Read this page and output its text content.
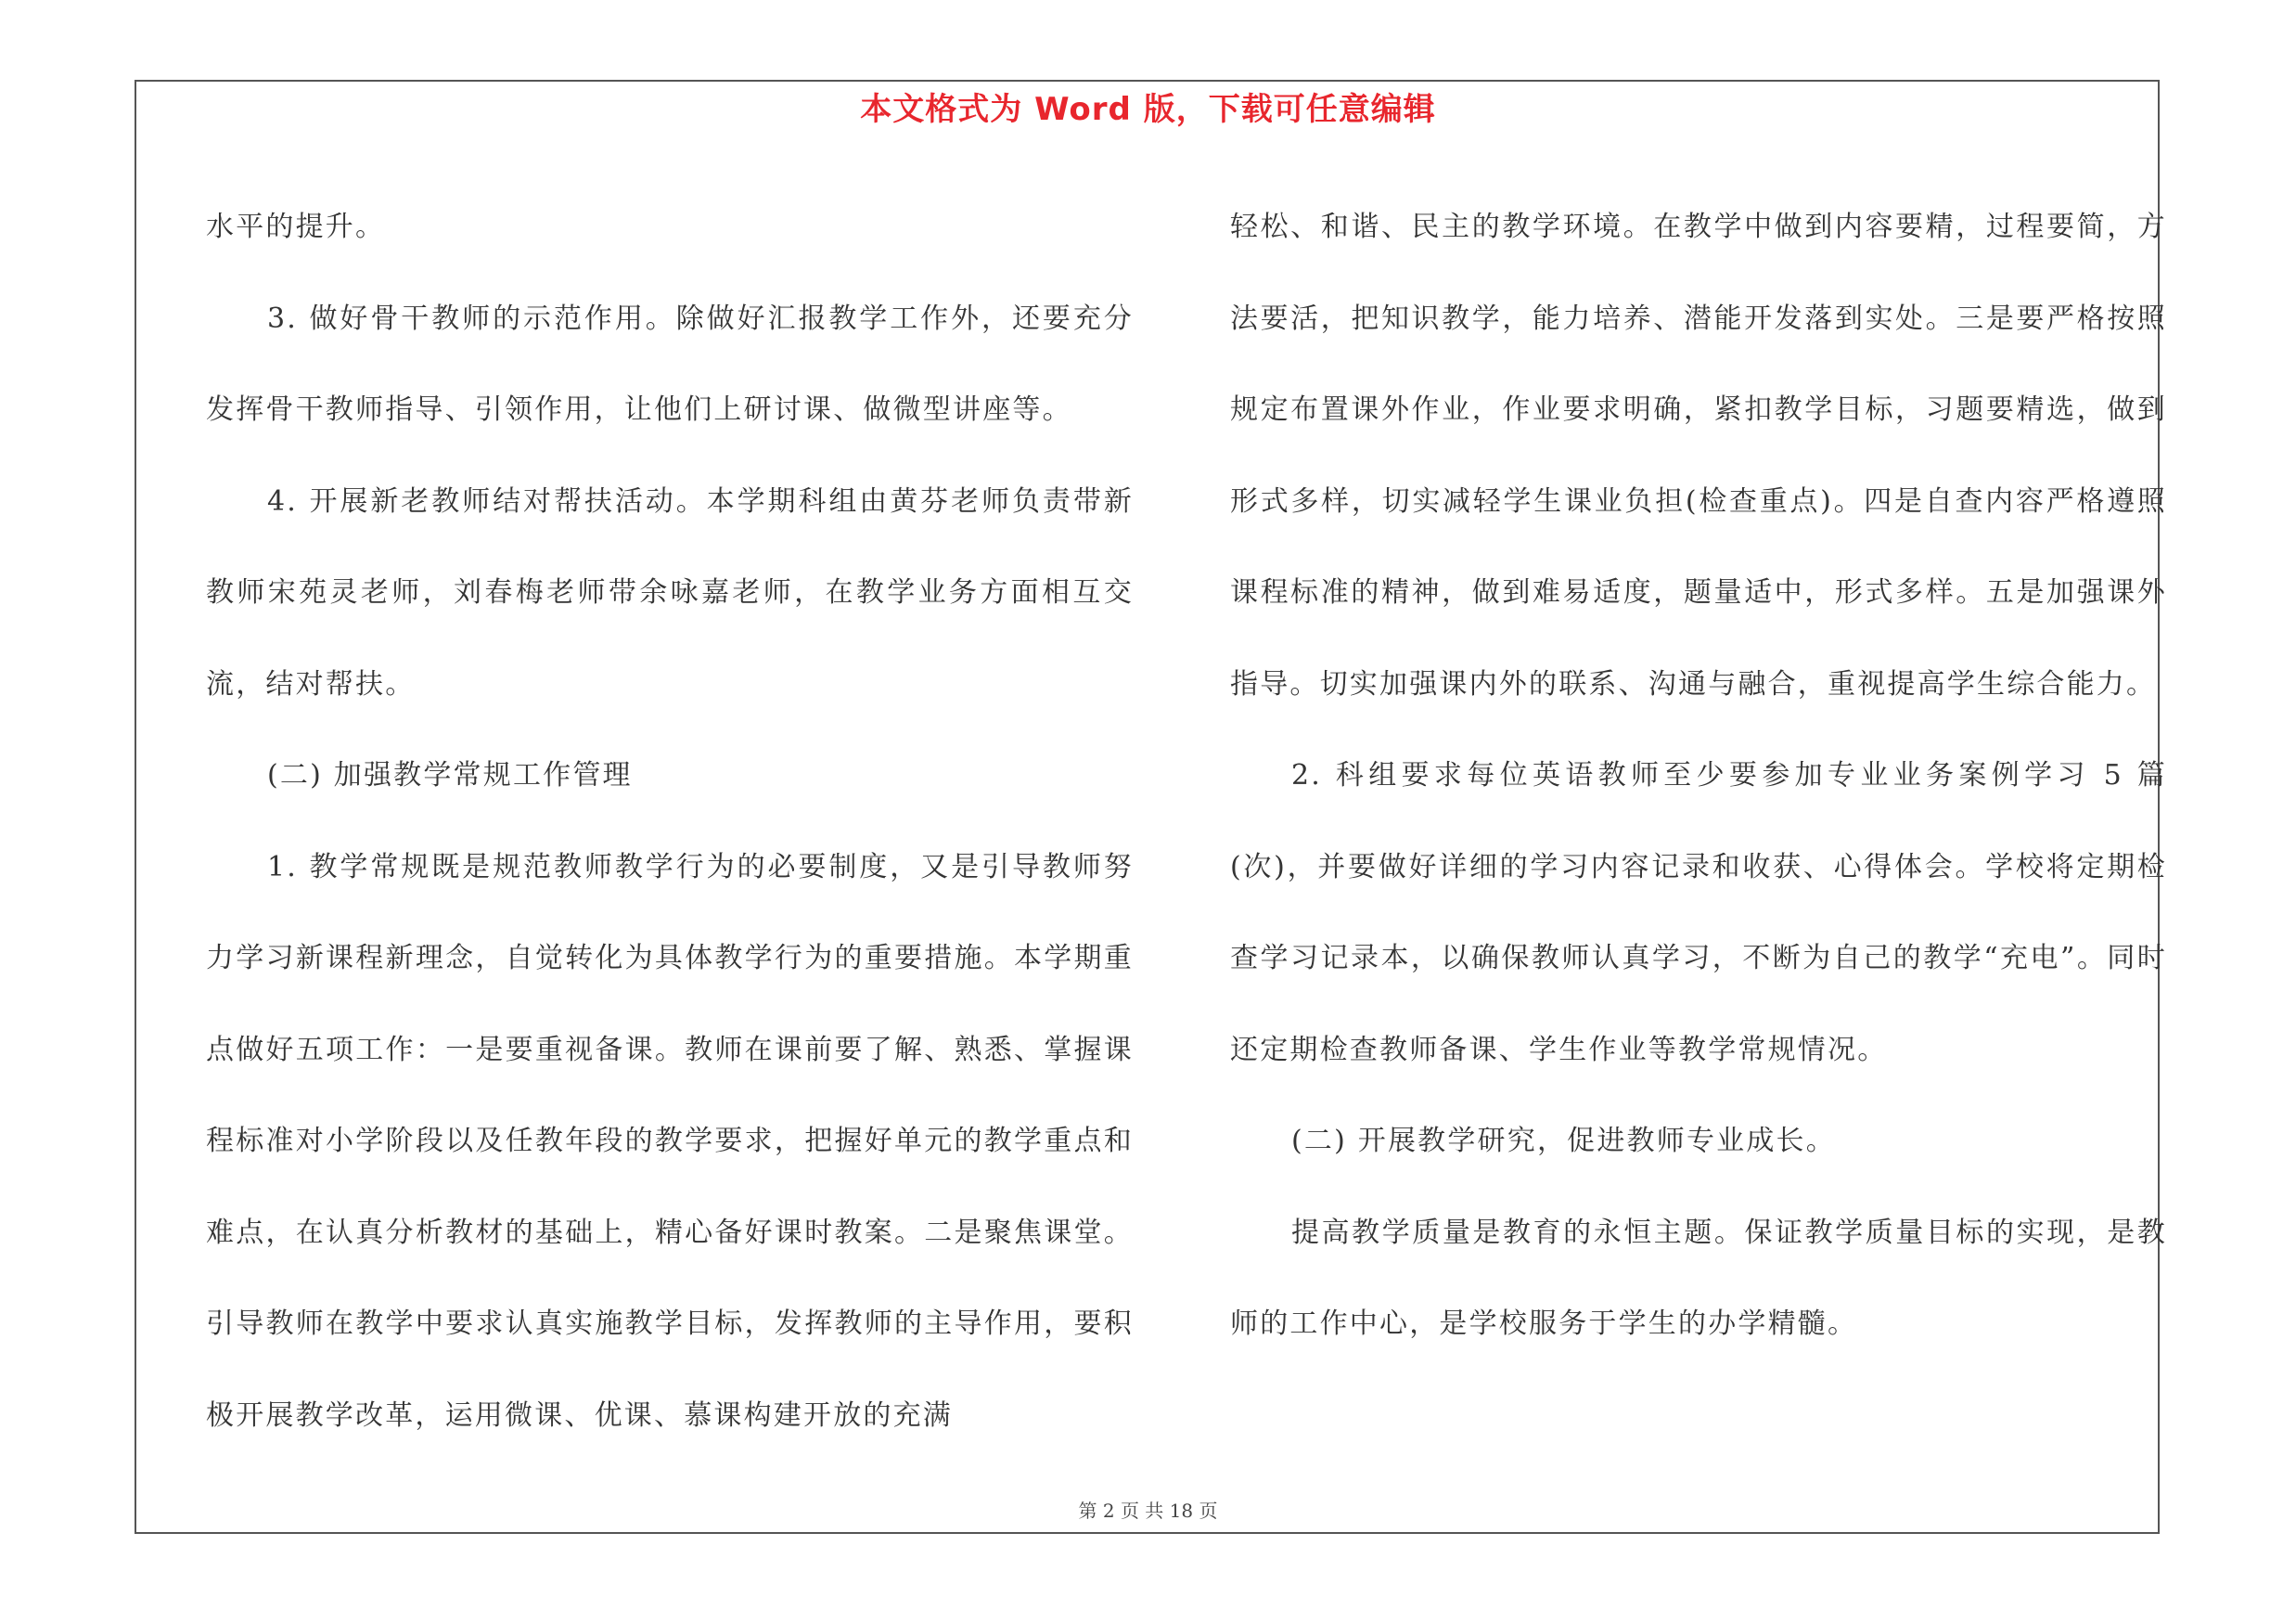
本文格式为 Word 版，下载可任意编辑

水平的提升。

3. 做好骨干教师的示范作用。除做好汇报教学工作外，还要充分发挥骨干教师指导、引领作用，让他们上研讨课、做微型讲座等。

4. 开展新老教师结对帮扶活动。本学期科组由黄芬老师负责带新教师宋苑灵老师，刘春梅老师带余咏嘉老师，在教学业务方面相互交流，结对帮扶。

(二) 加强教学常规工作管理

1. 教学常规既是规范教师教学行为的必要制度，又是引导教师努力学习新课程新理念，自觉转化为具体教学行为的重要措施。本学期重点做好五项工作：一是要重视备课。教师在课前要了解、熟悉、掌握课程标准对小学阶段以及任教年段的教学要求，把握好单元的教学重点和难点，在认真分析教材的基础上，精心备好课时教案。二是聚焦课堂。引导教师在教学中要求认真实施教学目标，发挥教师的主导作用，要积极开展教学改革，运用微课、优课、慕课构建开放的充满

轻松、和谐、民主的教学环境。在教学中做到内容要精，过程要简，方法要活，把知识教学，能力培养、潜能开发落到实处。三是要严格按照规定布置课外作业，作业要求明确，紧扣教学目标，习题要精选，做到形式多样，切实减轻学生课业负担(检查重点)。四是自查内容严格遵照课程标准的精神，做到难易适度，题量适中，形式多样。五是加强课外指导。切实加强课内外的联系、沟通与融合，重视提高学生综合能力。

2. 科组要求每位英语教师至少要参加专业业务案例学习 5 篇(次)，并要做好详细的学习内容记录和收获、心得体会。学校将定期检查学习记录本，以确保教师认真学习，不断为自己的教学“充电”。同时还定期检查教师备课、学生作业等教学常规情况。

(二) 开展教学研究，促进教师专业成长。

提高教学质量是教育的永恒主题。保证教学质量目标的实现，是教师的工作中心，是学校服务于学生的办学精髓。

第 2 页 共 18 页
